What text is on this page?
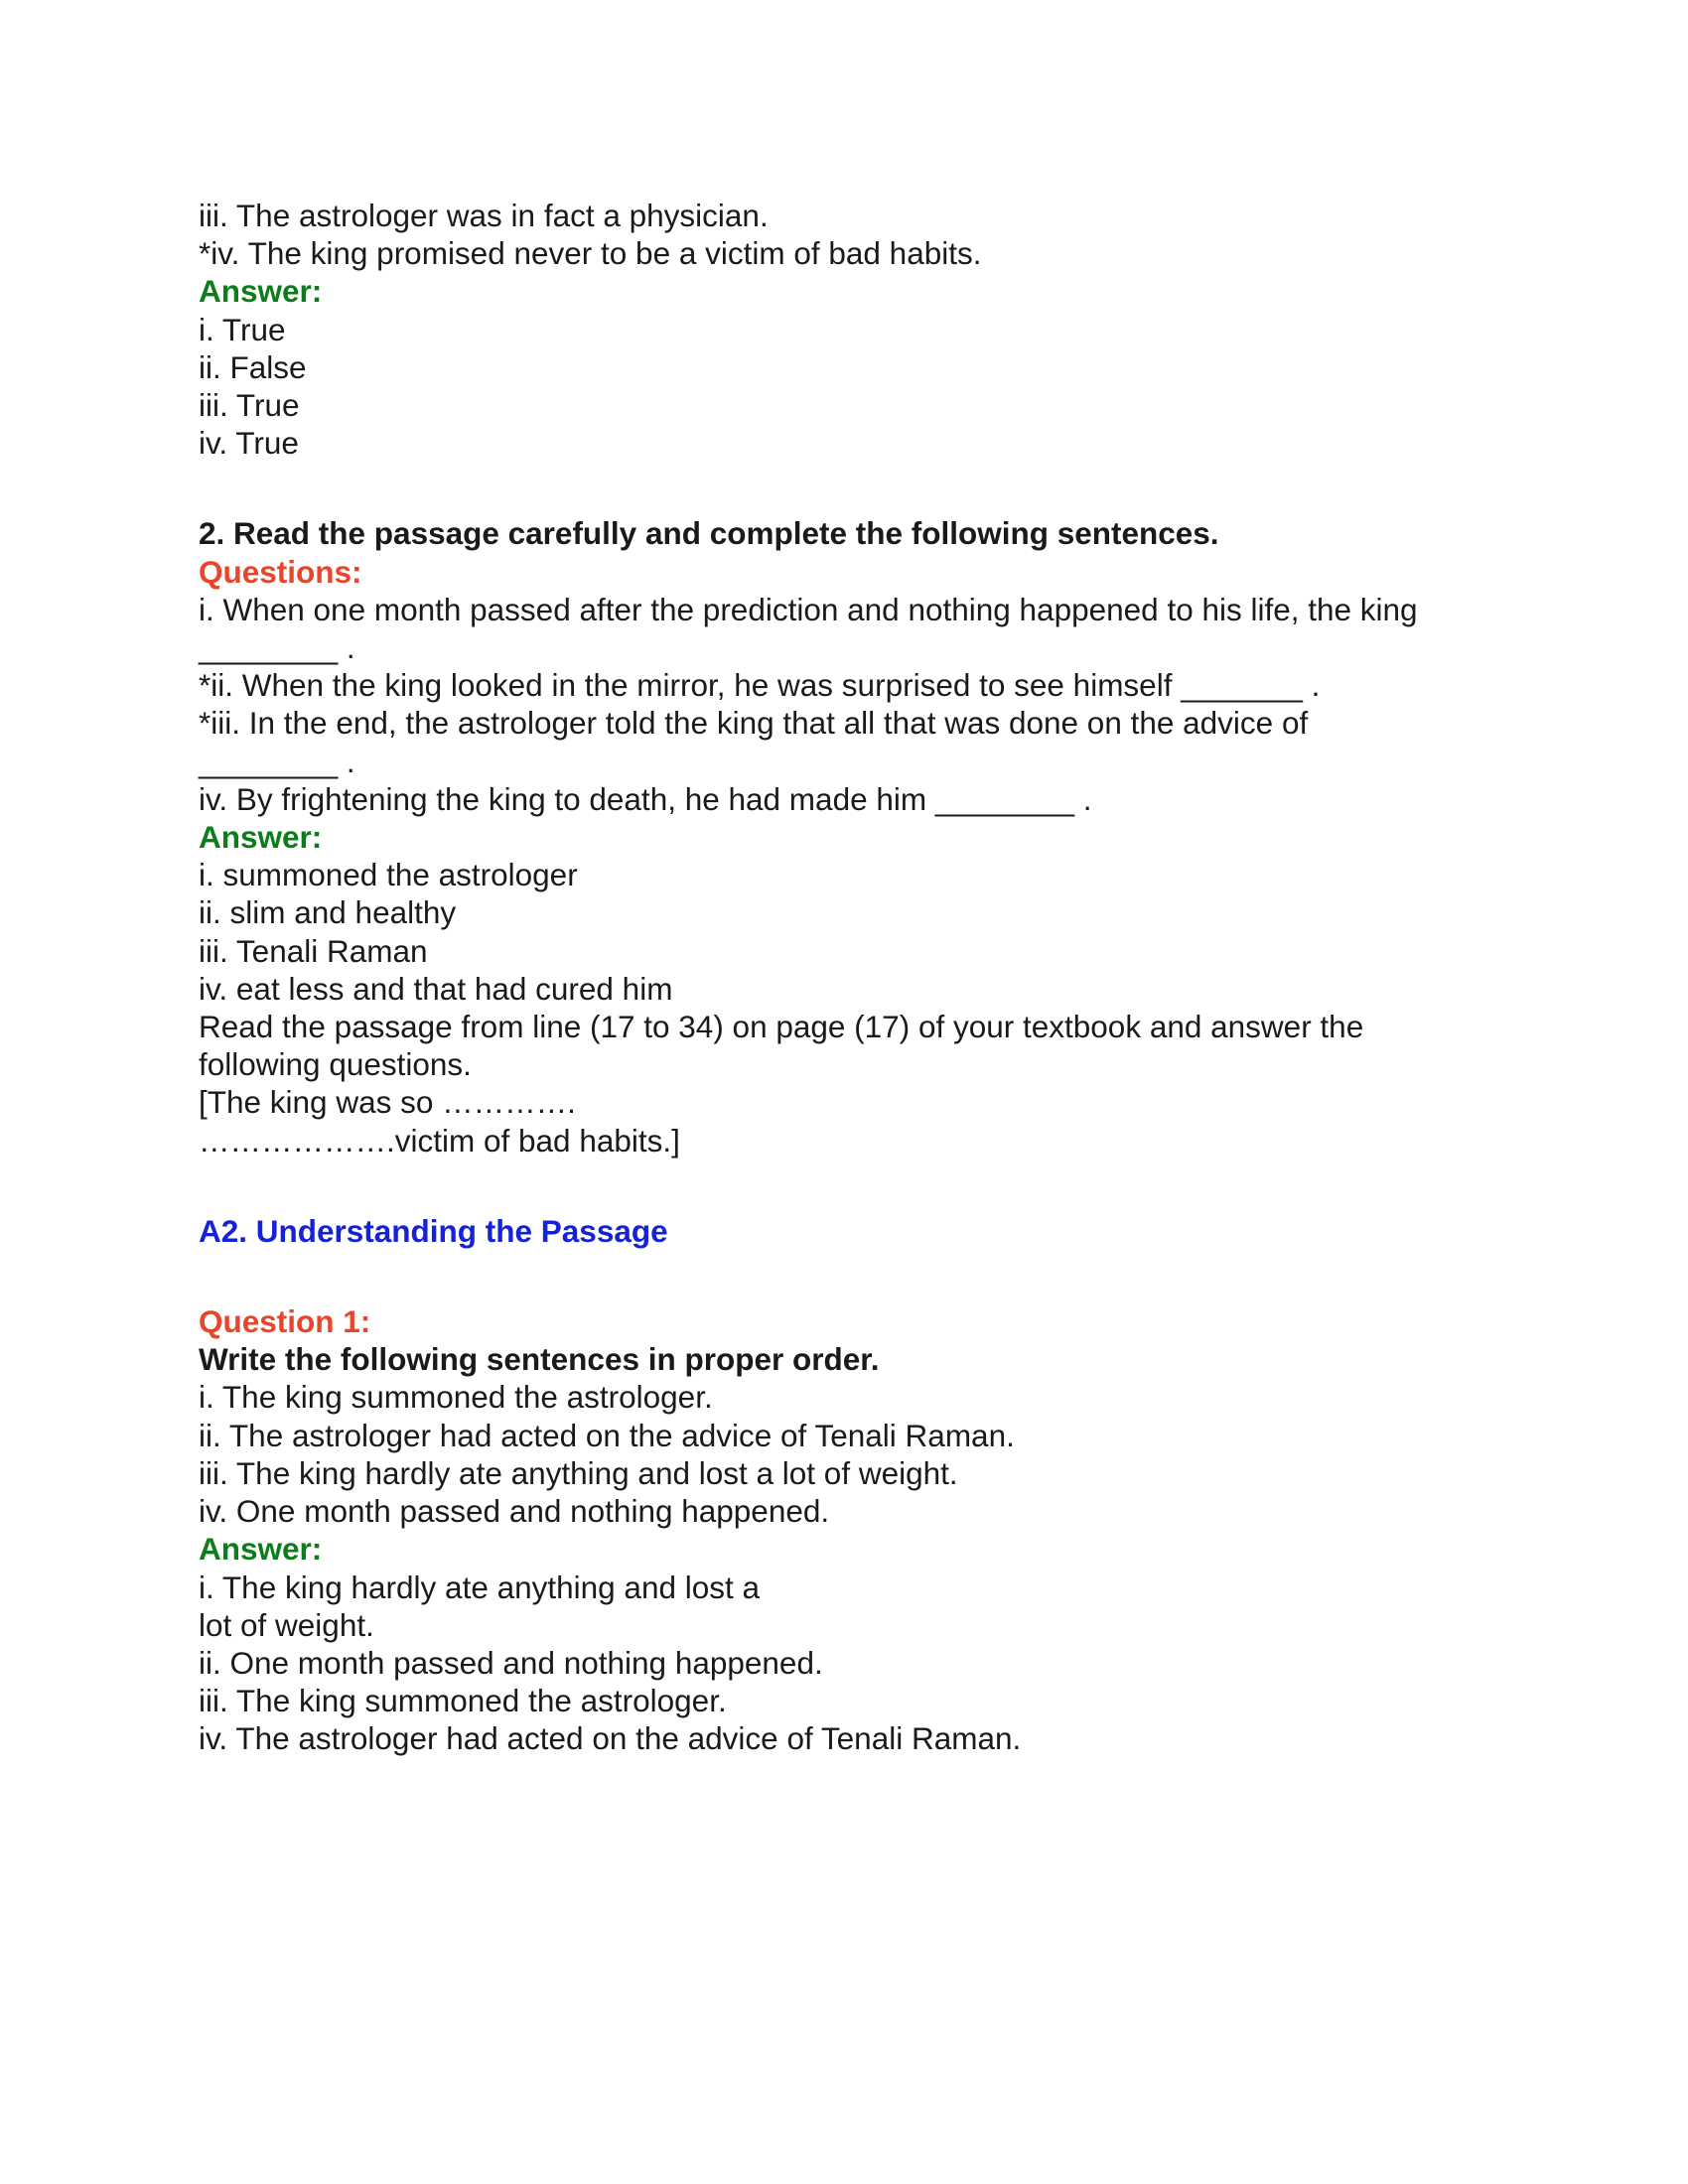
iii. The astrologer was in fact a physician.
*iv. The king promised never to be a victim of bad habits.
Answer:
i. True
ii. False
iii. True
iv. True
2. Read the passage carefully and complete the following sentences.
Questions:
i. When one month passed after the prediction and nothing happened to his life, the king
________ .
*ii. When the king looked in the mirror, he was surprised to see himself _______ .
*iii. In the end, the astrologer told the king that all that was done on the advice of
________ .
iv. By frightening the king to death, he had made him ________ .
Answer:
i. summoned the astrologer
ii. slim and healthy
iii. Tenali Raman
iv. eat less and that had cured him
Read the passage from line (17 to 34) on page (17) of your textbook and answer the
following questions.
[The king was so ………….
……………….victim of bad habits.]
A2. Understanding the Passage
Question 1:
Write the following sentences in proper order.
i. The king summoned the astrologer.
ii. The astrologer had acted on the advice of Tenali Raman.
iii. The king hardly ate anything and lost a lot of weight.
iv. One month passed and nothing happened.
Answer:
i. The king hardly ate anything and lost a
lot of weight.
ii. One month passed and nothing happened.
iii. The king summoned the astrologer.
iv. The astrologer had acted on the advice of Tenali Raman.
